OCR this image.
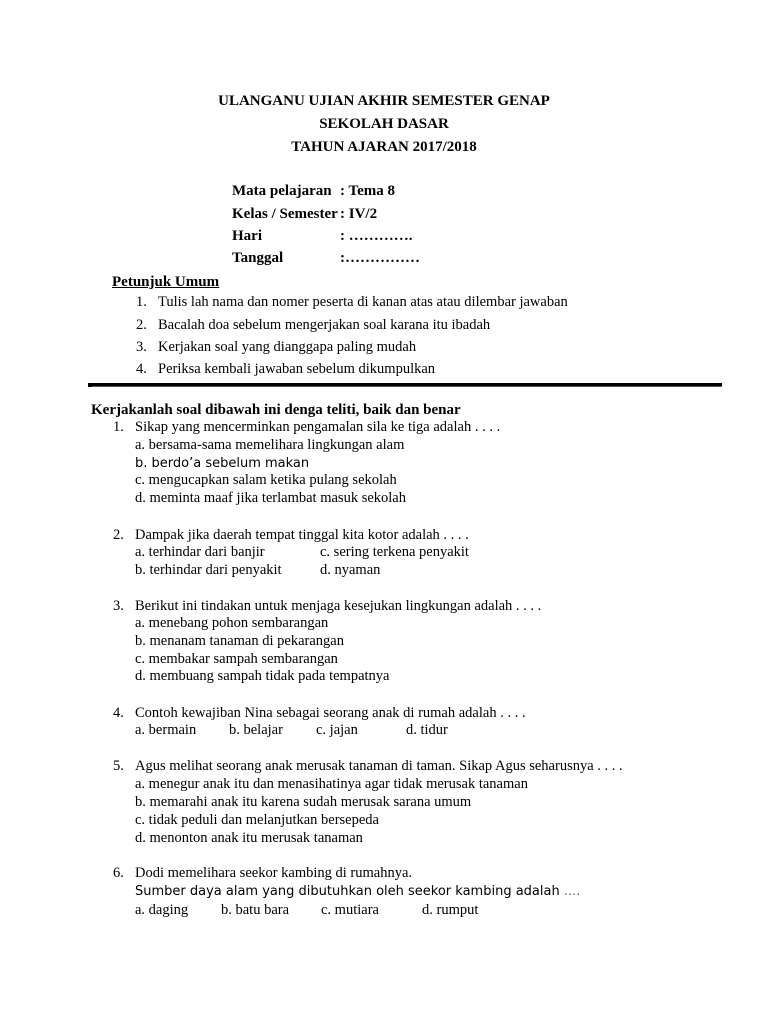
ULANGANU UJIAN AKHIR SEMESTER GENAP
SEKOLAH DASAR
TAHUN AJARAN 2017/2018
Mata pelajaran : Tema 8
Kelas / Semester : IV/2
Hari	: ………….
Tanggal	:……………
Petunjuk Umum
1. Tulis lah nama dan nomer peserta di kanan atas atau dilembar jawaban
2. Bacalah doa sebelum mengerjakan soal karana itu ibadah
3. Kerjakan soal yang dianggapa paling mudah
4. Periksa kembali jawaban sebelum dikumpulkan
Kerjakanlah soal dibawah ini denga teliti, baik dan benar
1. Sikap yang mencerminkan pengamalan sila ke tiga adalah . . . .
a. bersama-sama memelihara lingkungan alam
b. berdo’a sebelum makan
c. mengucapkan salam ketika pulang sekolah
d. meminta maaf jika terlambat masuk sekolah
2. Dampak jika daerah tempat tinggal kita kotor adalah . . . .
a. terhindar dari banjir	c. sering terkena penyakit
b. terhindar dari penyakit	d. nyaman
3. Berikut ini tindakan untuk menjaga kesejukan lingkungan adalah . . . .
a. menebang pohon sembarangan
b. menanam tanaman di pekarangan
c. membakar sampah sembarangan
d. membuang sampah tidak pada tempatnya
4. Contoh kewajiban Nina sebagai seorang anak di rumah adalah . . . .
a. bermain b. belajar c. jajan	d. tidur
5. Agus melihat seorang anak merusak tanaman di taman. Sikap Agus seharusnya . . . .
a. menegur anak itu dan menasihatinya agar tidak merusak tanaman
b. memarahi anak itu karena sudah merusak sarana umum
c. tidak peduli dan melanjutkan bersepeda
d. menonton anak itu merusak tanaman
6. Dodi memelihara seekor kambing di rumahnya.
Sumber daya alam yang dibutuhkan oleh seekor kambing adalah ....
a. daging b. batu bara c. mutiara	d. rumput
